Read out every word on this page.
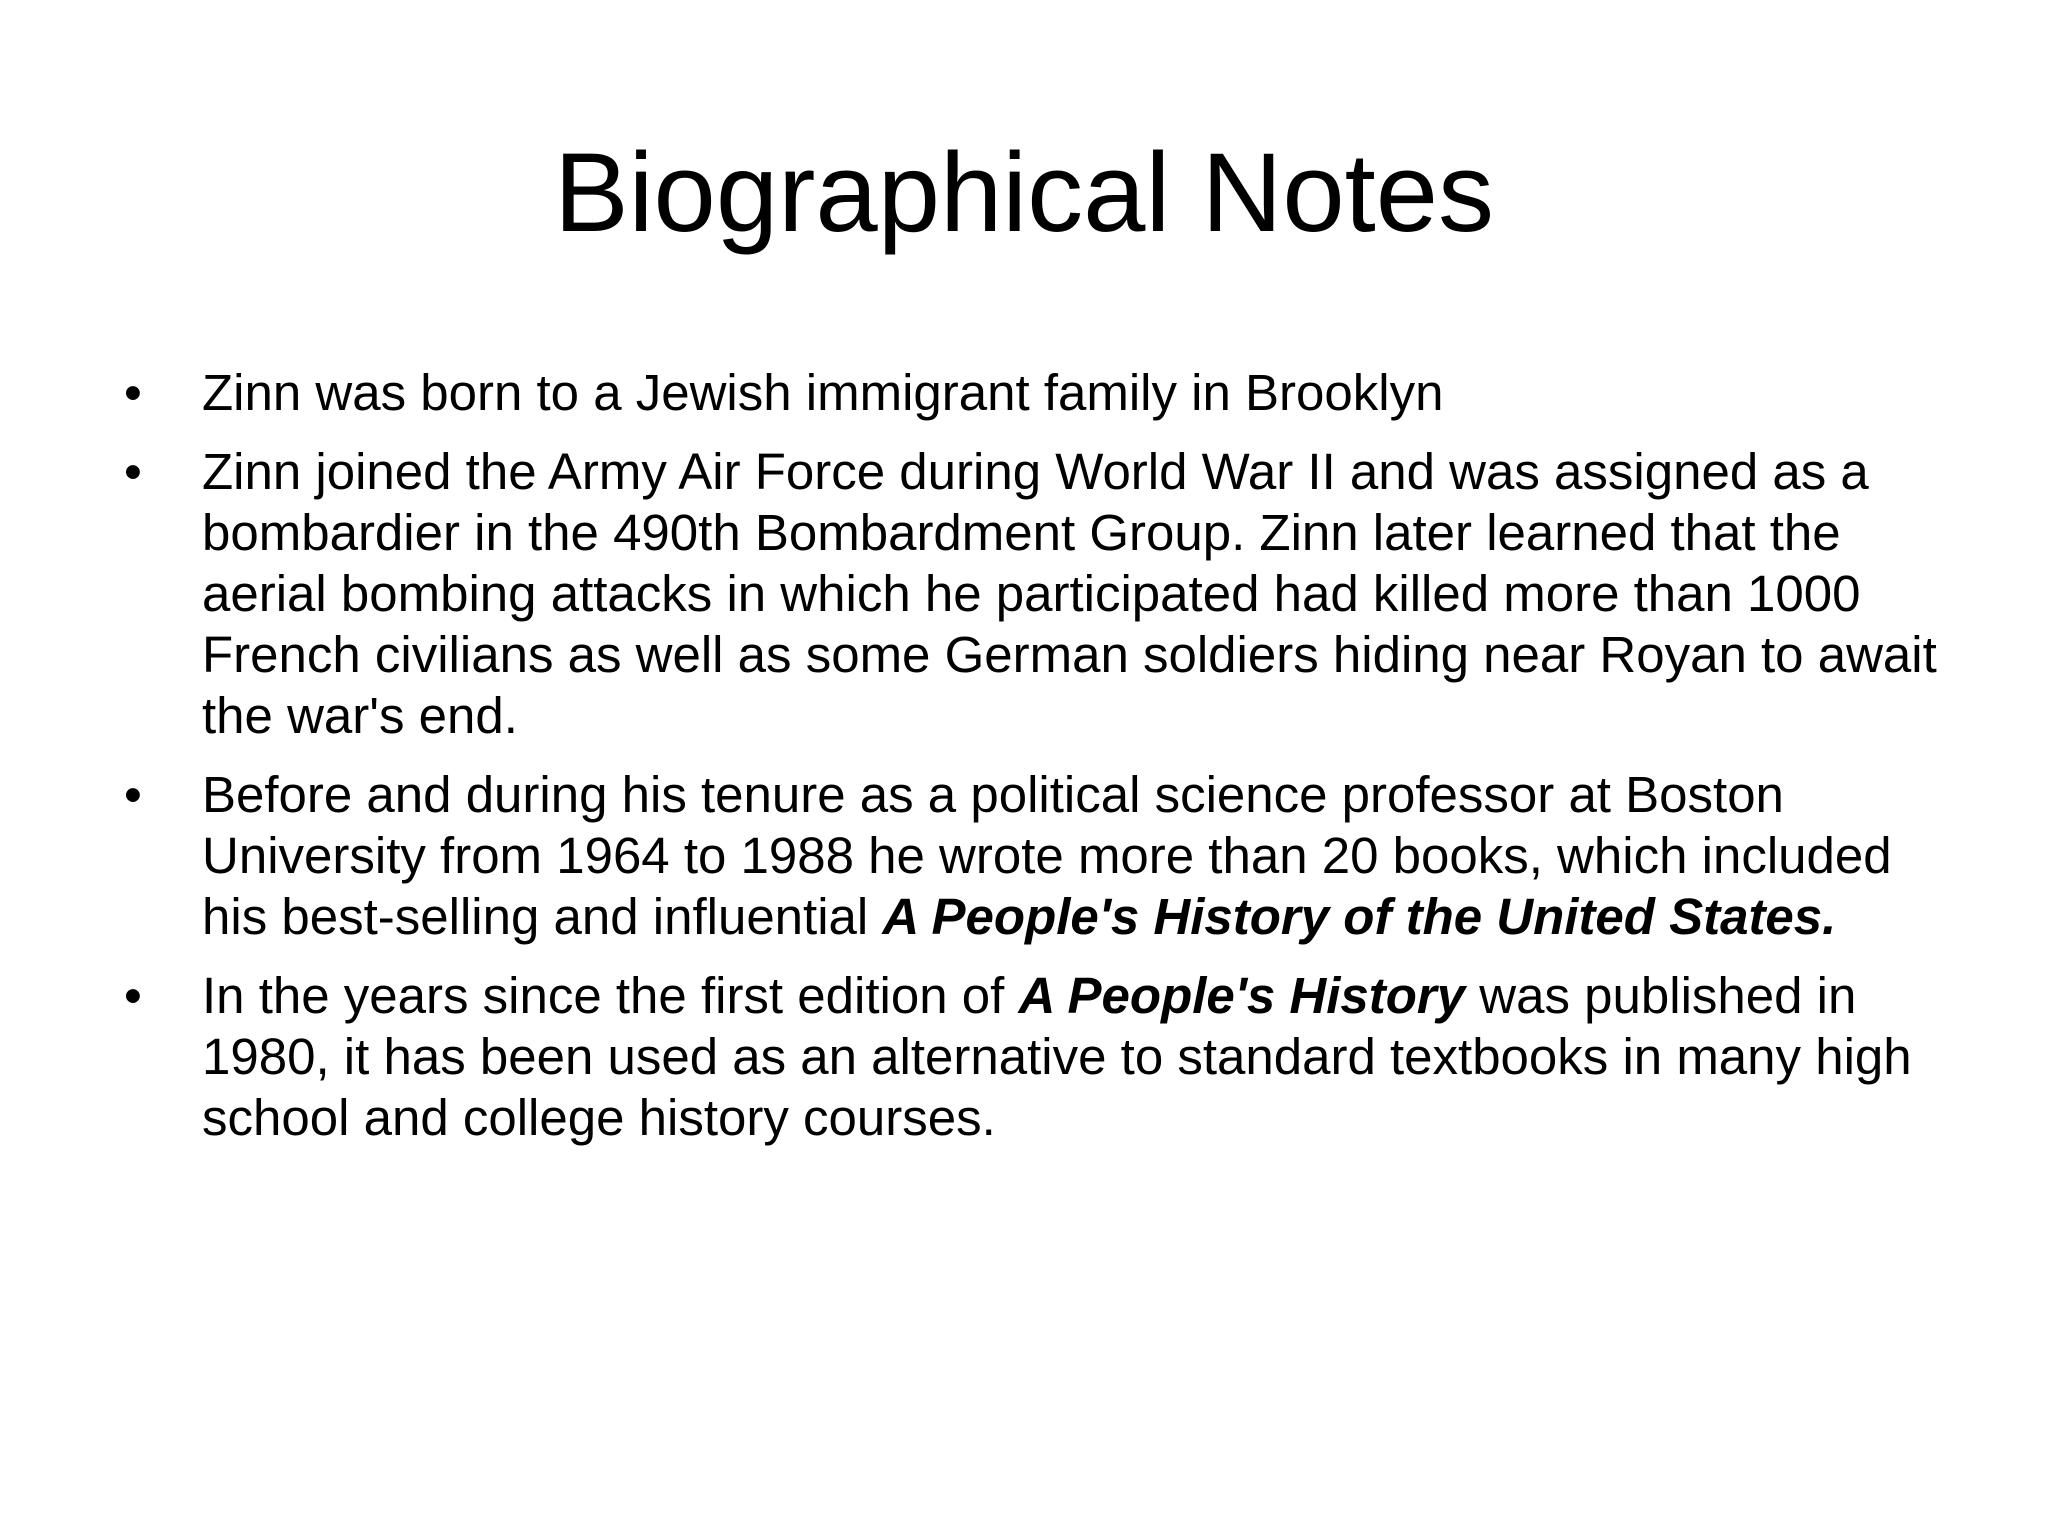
Biographical Notes
•	Zinn was born to a Jewish immigrant family in Brooklyn
•	Zinn joined the Army Air Force during World War II and was assigned as a bombardier in the 490th Bombardment Group. Zinn later learned that the aerial bombing attacks in which he participated had killed more than 1000 French civilians as well as some German soldiers hiding near Royan to await the war's end.
•	Before and during his tenure as a political science professor at Boston University from 1964 to 1988 he wrote more than 20 books, which included his best-selling and influential A People's History of the United States.
•	In the years since the first edition of A People's History was published in 1980, it has been used as an alternative to standard textbooks in many high school and college history courses.
